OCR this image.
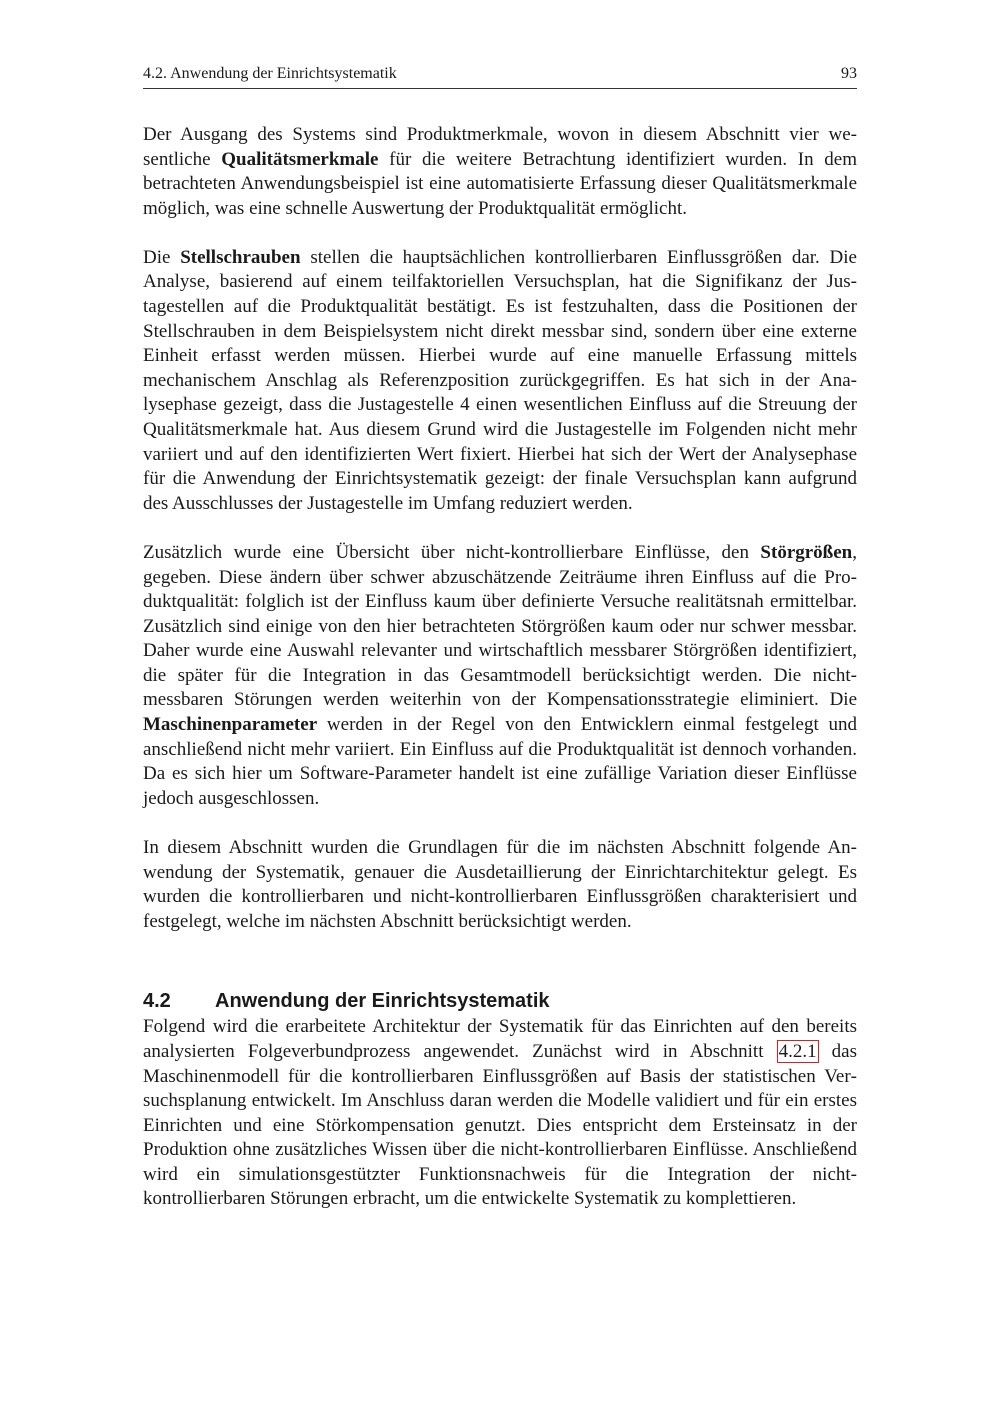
4.2. Anwendung der Einrichtsystematik	93

Der Ausgang des Systems sind Produktmerkmale, wovon in diesem Abschnitt vier wesentliche Qualitätsmerkmale für die weitere Betrachtung identifiziert wurden. In dem betrachteten Anwendungsbeispiel ist eine automatisierte Erfassung dieser Qualitätsmerkmale möglich, was eine schnelle Auswertung der Produktqualität ermöglicht.

Die Stellschrauben stellen die hauptsächlichen kontrollierbaren Einflussgrößen dar. Die Analyse, basierend auf einem teilfaktoriellen Versuchsplan, hat die Signifikanz der Justagestellen auf die Produktqualität bestätigt. Es ist festzuhalten, dass die Positionen der Stellschrauben in dem Beispielsystem nicht direkt messbar sind, sondern über eine externe Einheit erfasst werden müssen. Hierbei wurde auf eine manuelle Erfassung mittels mechanischem Anschlag als Referenzposition zurückgegriffen. Es hat sich in der Analysephase gezeigt, dass die Justagestelle 4 einen wesentlichen Einfluss auf die Streuung der Qualitätsmerkmale hat. Aus diesem Grund wird die Justagestelle im Folgenden nicht mehr variiert und auf den identifizierten Wert fixiert. Hierbei hat sich der Wert der Analysephase für die Anwendung der Einrichtsystematik gezeigt: der finale Versuchsplan kann aufgrund des Ausschlusses der Justagestelle im Umfang reduziert werden.

Zusätzlich wurde eine Übersicht über nicht-kontrollierbare Einflüsse, den Störgrößen, gegeben. Diese ändern über schwer abzuschätzende Zeiträume ihren Einfluss auf die Produktqualität: folglich ist der Einfluss kaum über definierte Versuche realitätsnah ermittelbar. Zusätzlich sind einige von den hier betrachteten Störgrößen kaum oder nur schwer messbar. Daher wurde eine Auswahl relevanter und wirtschaftlich messbarer Störgrößen identifiziert, die später für die Integration in das Gesamtmodell berücksichtigt werden. Die nicht-messbaren Störungen werden weiterhin von der Kompensationsstrategie eliminiert. Die Maschinenparameter werden in der Regel von den Entwicklern einmal festgelegt und anschließend nicht mehr variiert. Ein Einfluss auf die Produktqualität ist dennoch vorhanden. Da es sich hier um Software-Parameter handelt ist eine zufällige Variation dieser Einflüsse jedoch ausgeschlossen.

In diesem Abschnitt wurden die Grundlagen für die im nächsten Abschnitt folgende Anwendung der Systematik, genauer die Ausdetaillierung der Einrichtarchitektur gelegt. Es wurden die kontrollierbaren und nicht-kontrollierbaren Einflussgrößen charakterisiert und festgelegt, welche im nächsten Abschnitt berücksichtigt werden.

4.2	Anwendung der Einrichtsystematik

Folgend wird die erarbeitete Architektur der Systematik für das Einrichten auf den bereits analysierten Folgeverbundprozess angewendet. Zunächst wird in Abschnitt 4.2.1 das Maschinenmodell für die kontrollierbaren Einflussgrößen auf Basis der statistischen Versuchsplanung entwickelt. Im Anschluss daran werden die Modelle validiert und für ein erstes Einrichten und eine Störkompensation genutzt. Dies entspricht dem Ersteinsatz in der Produktion ohne zusätzliches Wissen über die nicht-kontrollierbaren Einflüsse. Anschließend wird ein simulationsgestützter Funktionsnachweis für die Integration der nicht-kontrollierbaren Störungen erbracht, um die entwickelte Systematik zu komplettieren.
